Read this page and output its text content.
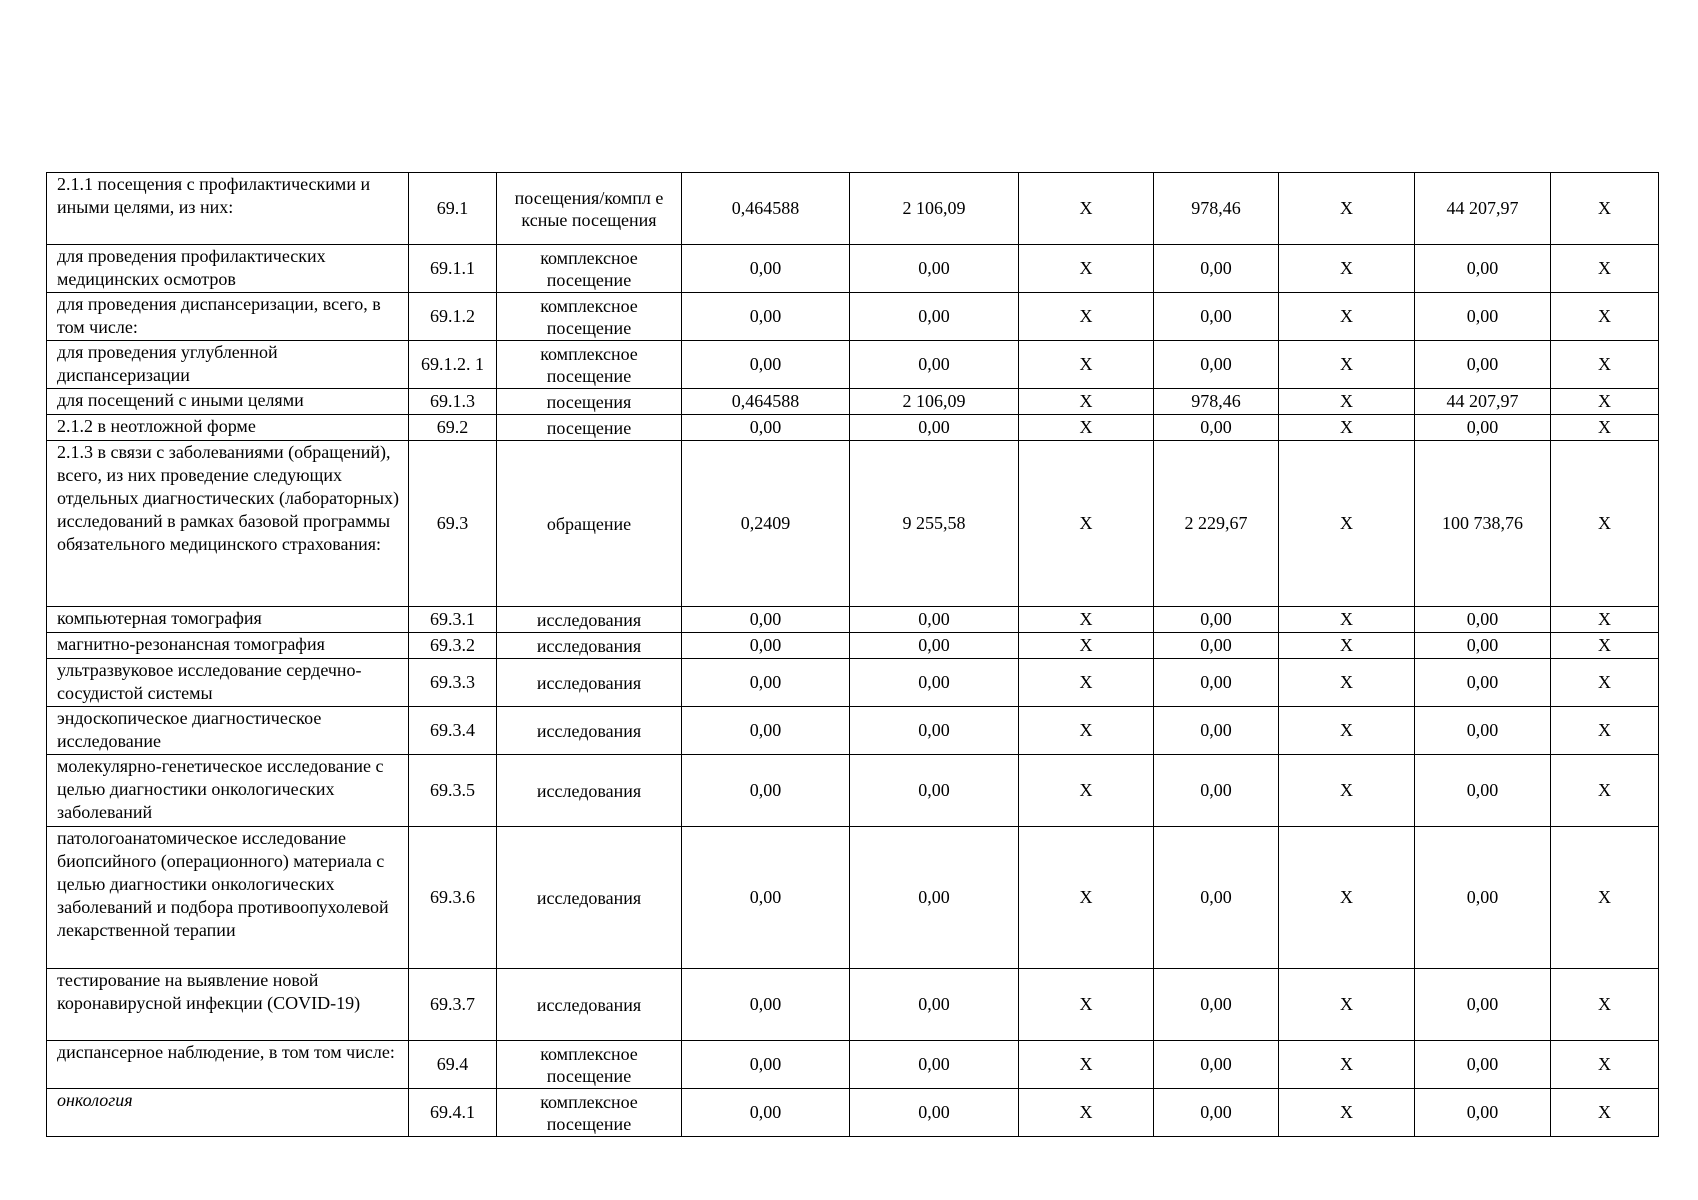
2.1.1 посещения с профилактическими и иными целями, из них:	69.1	посещения/компл е ксные посещения	0,464588	2 106,09	X	978,46	X	44 207,97	X
для проведения профилактических медицинских осмотров	69.1.1	комплексное посещение	0,00	0,00	X	0,00	X	0,00	X
для проведения диспансеризации, всего, в том числе:	69.1.2	комплексное посещение	0,00	0,00	X	0,00	X	0,00	X
для проведения углубленной диспансеризации	69.1.2. 1	комплексное посещение	0,00	0,00	X	0,00	X	0,00	X
для посещений с иными целями	69.1.3	посещения	0,464588	2 106,09	X	978,46	X	44 207,97	X
2.1.2 в неотложной форме	69.2	посещение	0,00	0,00	X	0,00	X	0,00	X
2.1.3 в связи с заболеваниями (обращений), всего, из них проведение следующих отдельных диагностических (лабораторных) исследований в рамках базовой программы обязательного медицинского страхования:	69.3	обращение	0,2409	9 255,58	X	2 229,67	X	100 738,76	X
компьютерная томография	69.3.1	исследования	0,00	0,00	X	0,00	X	0,00	X
магнитно-резонансная томография	69.3.2	исследования	0,00	0,00	X	0,00	X	0,00	X
ультразвуковое исследование сердечно-сосудистой системы	69.3.3	исследования	0,00	0,00	X	0,00	X	0,00	X
эндоскопическое диагностическое исследование	69.3.4	исследования	0,00	0,00	X	0,00	X	0,00	X
молекулярно-генетическое исследование с целью диагностики онкологических заболеваний	69.3.5	исследования	0,00	0,00	X	0,00	X	0,00	X
патологоанатомическое исследование биопсийного (операционного) материала с целью диагностики онкологических заболеваний и подбора противоопухолевой лекарственной терапии	69.3.6	исследования	0,00	0,00	X	0,00	X	0,00	X
тестирование на выявление новой коронавирусной инфекции (COVID-19)	69.3.7	исследования	0,00	0,00	X	0,00	X	0,00	X
диспансерное наблюдение, в том том числе:	69.4	комплексное посещение	0,00	0,00	X	0,00	X	0,00	X
онкология	69.4.1	комплексное посещение	0,00	0,00	X	0,00	X	0,00	X
